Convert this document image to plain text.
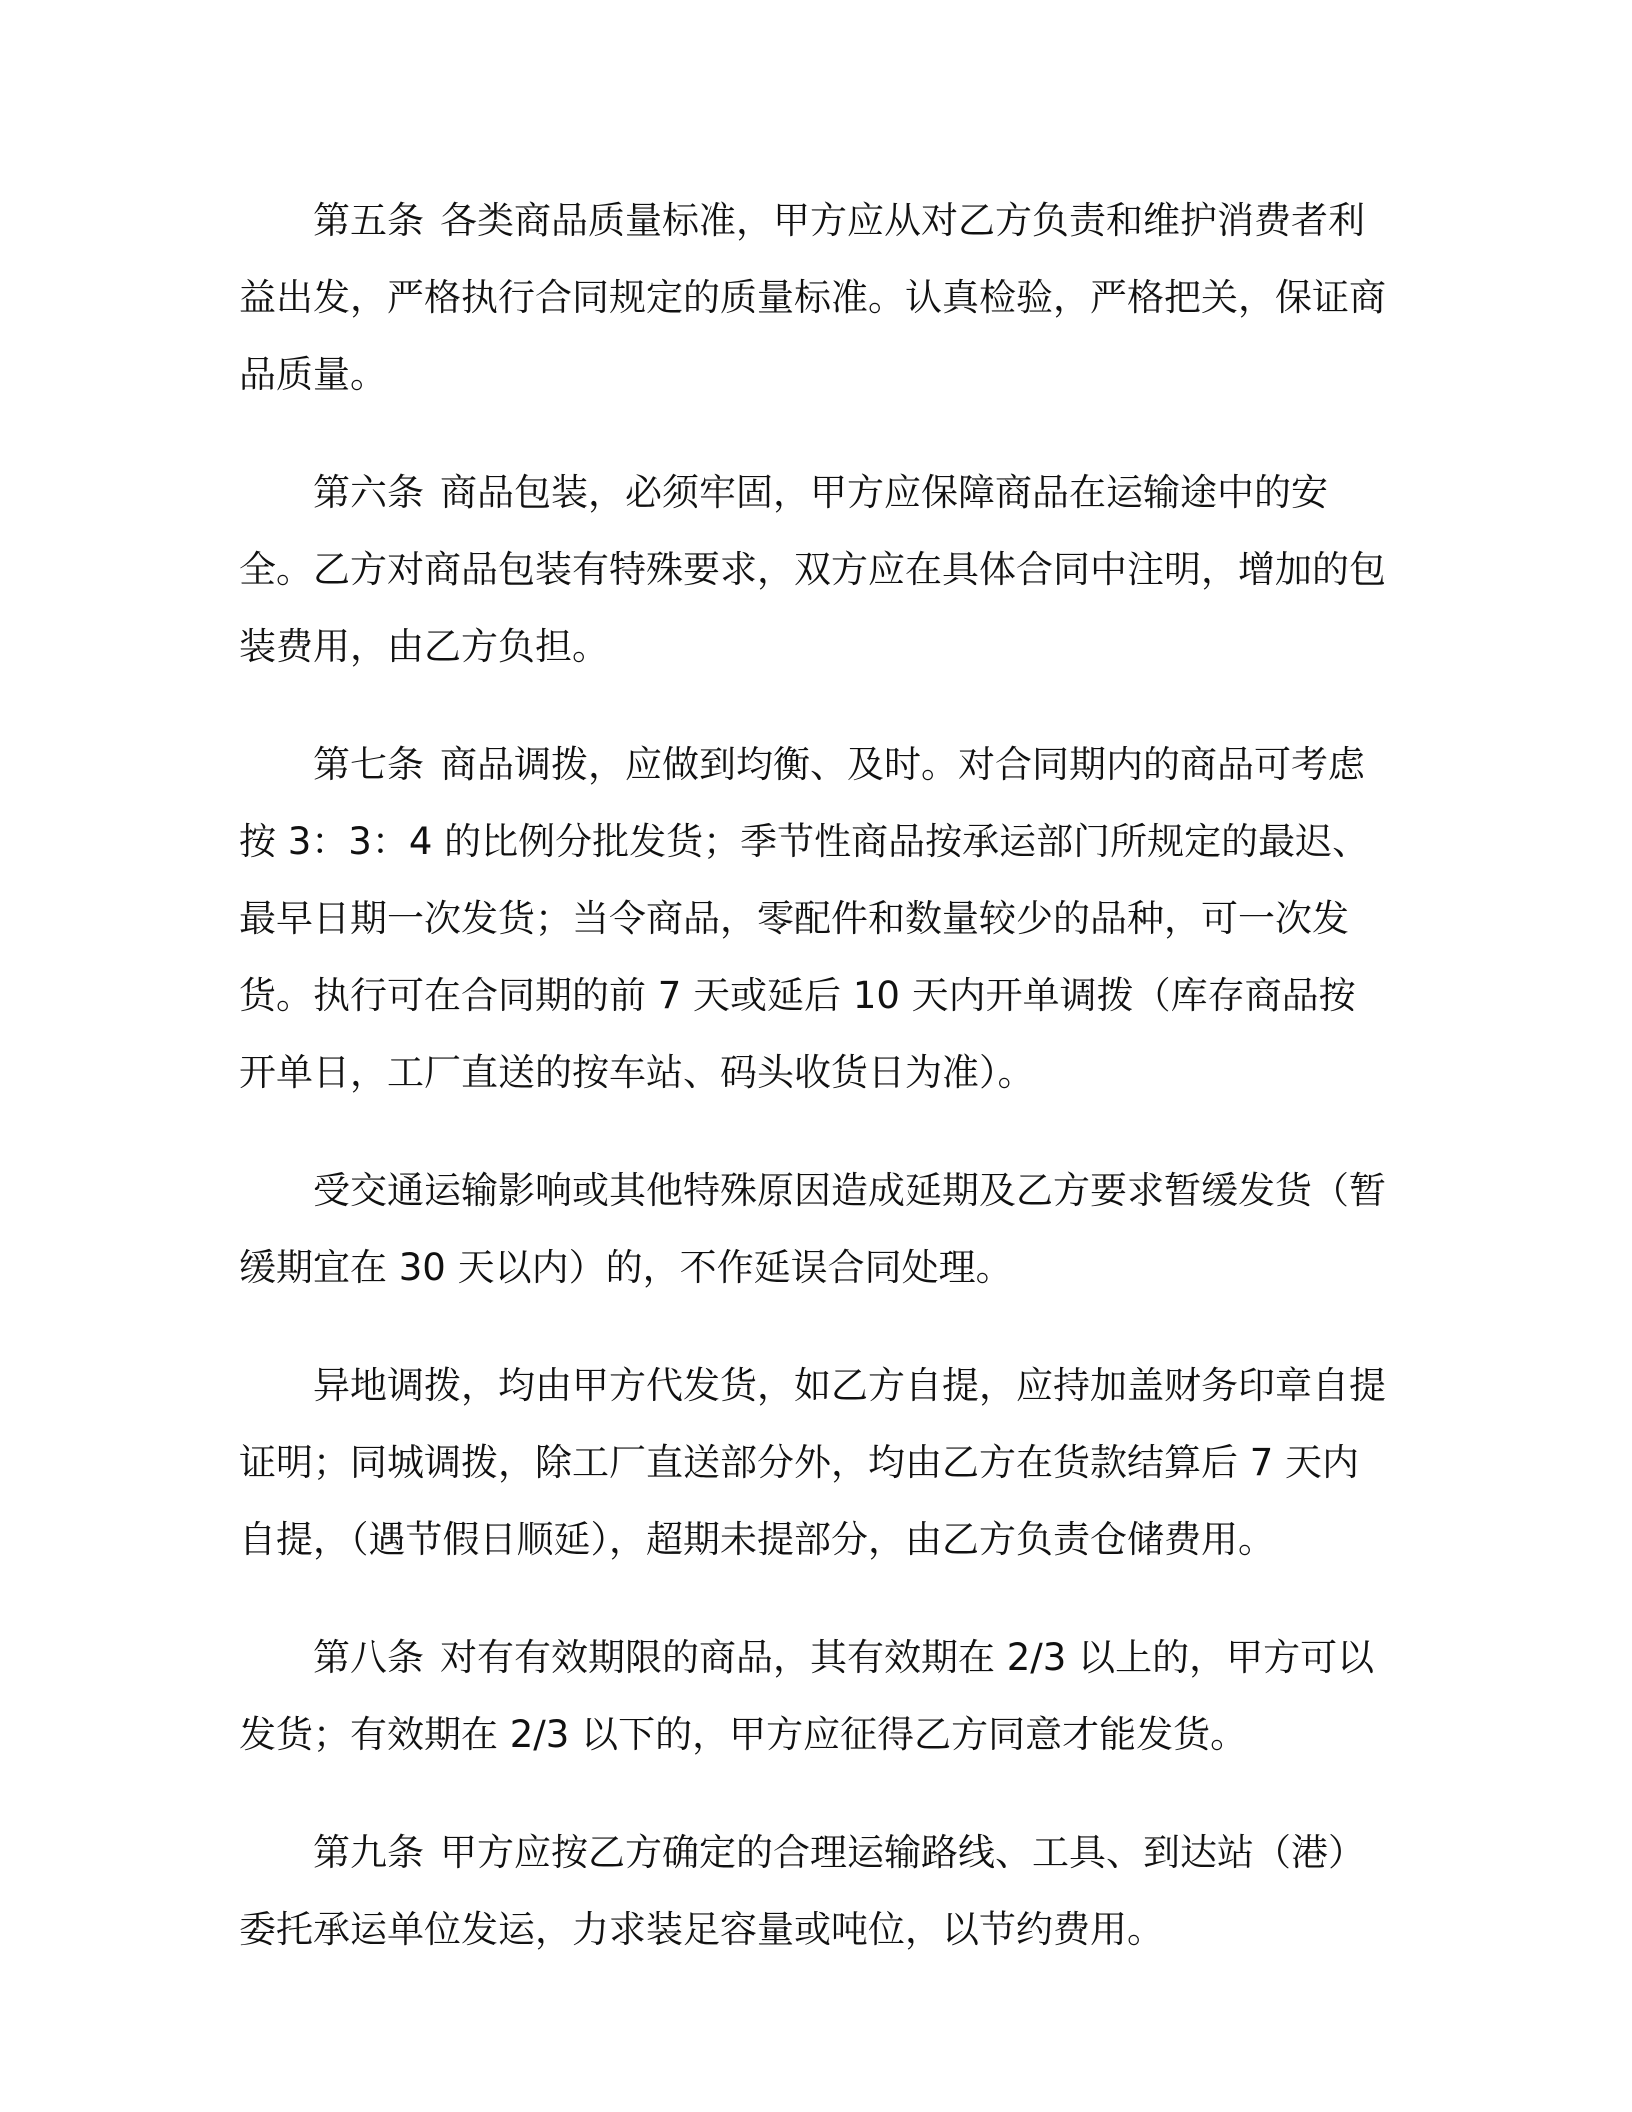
第五条 各类商品质量标准，甲方应从对乙方负责和维护消费者利益出发，严格执行合同规定的质量标准。认真检验，严格把关，保证商品质量。

第六条 商品包装，必须牢固，甲方应保障商品在运输途中的安全。乙方对商品包装有特殊要求，双方应在具体合同中注明，增加的包装费用，由乙方负担。

第七条 商品调拨，应做到均衡、及时。对合同期内的商品可考虑按 3：3：4 的比例分批发货；季节性商品按承运部门所规定的最迟、最早日期一次发货；当令商品，零配件和数量较少的品种，可一次发货。执行可在合同期的前 7 天或延后 10 天内开单调拨（库存商品按开单日，工厂直送的按车站、码头收货日为准）。

受交通运输影响或其他特殊原因造成延期及乙方要求暂缓发货（暂缓期宜在 30 天以内）的，不作延误合同处理。

异地调拨，均由甲方代发货，如乙方自提，应持加盖财务印章自提证明；同城调拨，除工厂直送部分外，均由乙方在货款结算后 7 天内自提，（遇节假日顺延），超期未提部分，由乙方负责仓储费用。

第八条 对有有效期限的商品，其有效期在 2/3 以上的，甲方可以发货；有效期在 2/3 以下的，甲方应征得乙方同意才能发货。

第九条 甲方应按乙方确定的合理运输路线、工具、到达站（港）委托承运单位发运，力求装足容量或吨位，以节约费用。
